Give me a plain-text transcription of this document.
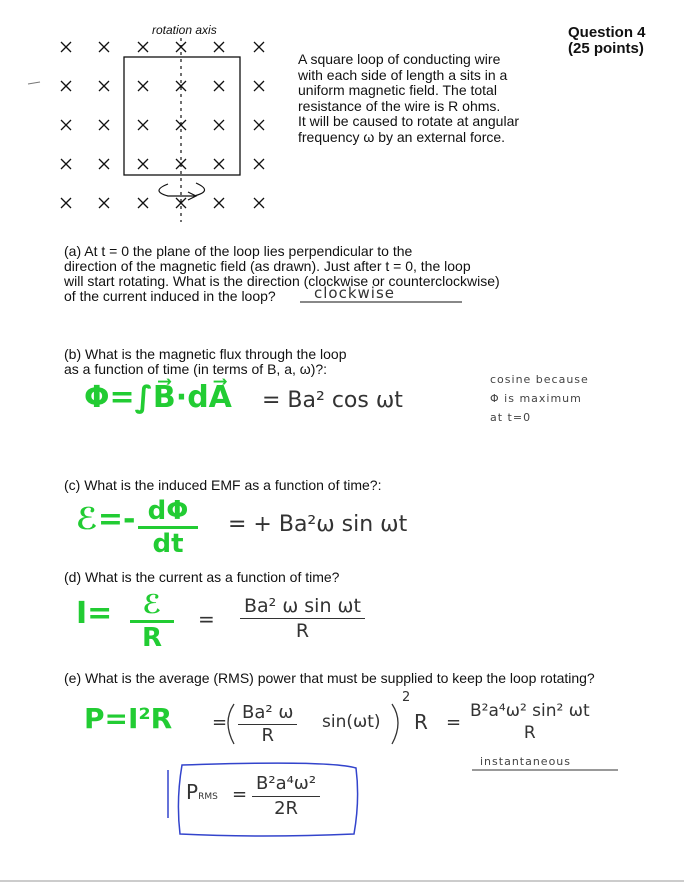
Question 4
(25 points)
rotation axis
A square loop of conducting wire
with each side of length a sits in a
uniform magnetic field. The total
resistance of the wire is R ohms.
It will be caused to rotate at angular
frequency ω by an external force.
(a) At t = 0 the plane of the loop lies perpendicular to the
direction of the magnetic field (as drawn). Just after t = 0, the loop
will start rotating. What is the direction (clockwise or counterclockwise)
of the current induced in the loop?	clockwise
(b) What is the magnetic flux through the loop
as a function of time (in terms of B, a, ω)?:
Φ=∫B⃗·dA⃗ = Ba² cos ωt
cosine because
Φ is maximum
at t=0
(c) What is the induced EMF as a function of time?:
ℰ=- $\frac{d\Phi}{dt}$ = + Ba²ω sin ωt
(d) What is the current as a function of time?
I=	ℰ
R
= $\frac{\text{Ba² ω sin ωt}}{R}$
(e) What is the average (RMS) power that must be supplied to keep the loop rotating?
$P=I^2R = \frac{\text{Ba² ω}}{R} \sin(\omega t)$
2
R =
B²a⁴ω² sin² ωt
R
instantaneous
PRMS = $\frac{\text{B²a⁴ω²}}{2R}$
